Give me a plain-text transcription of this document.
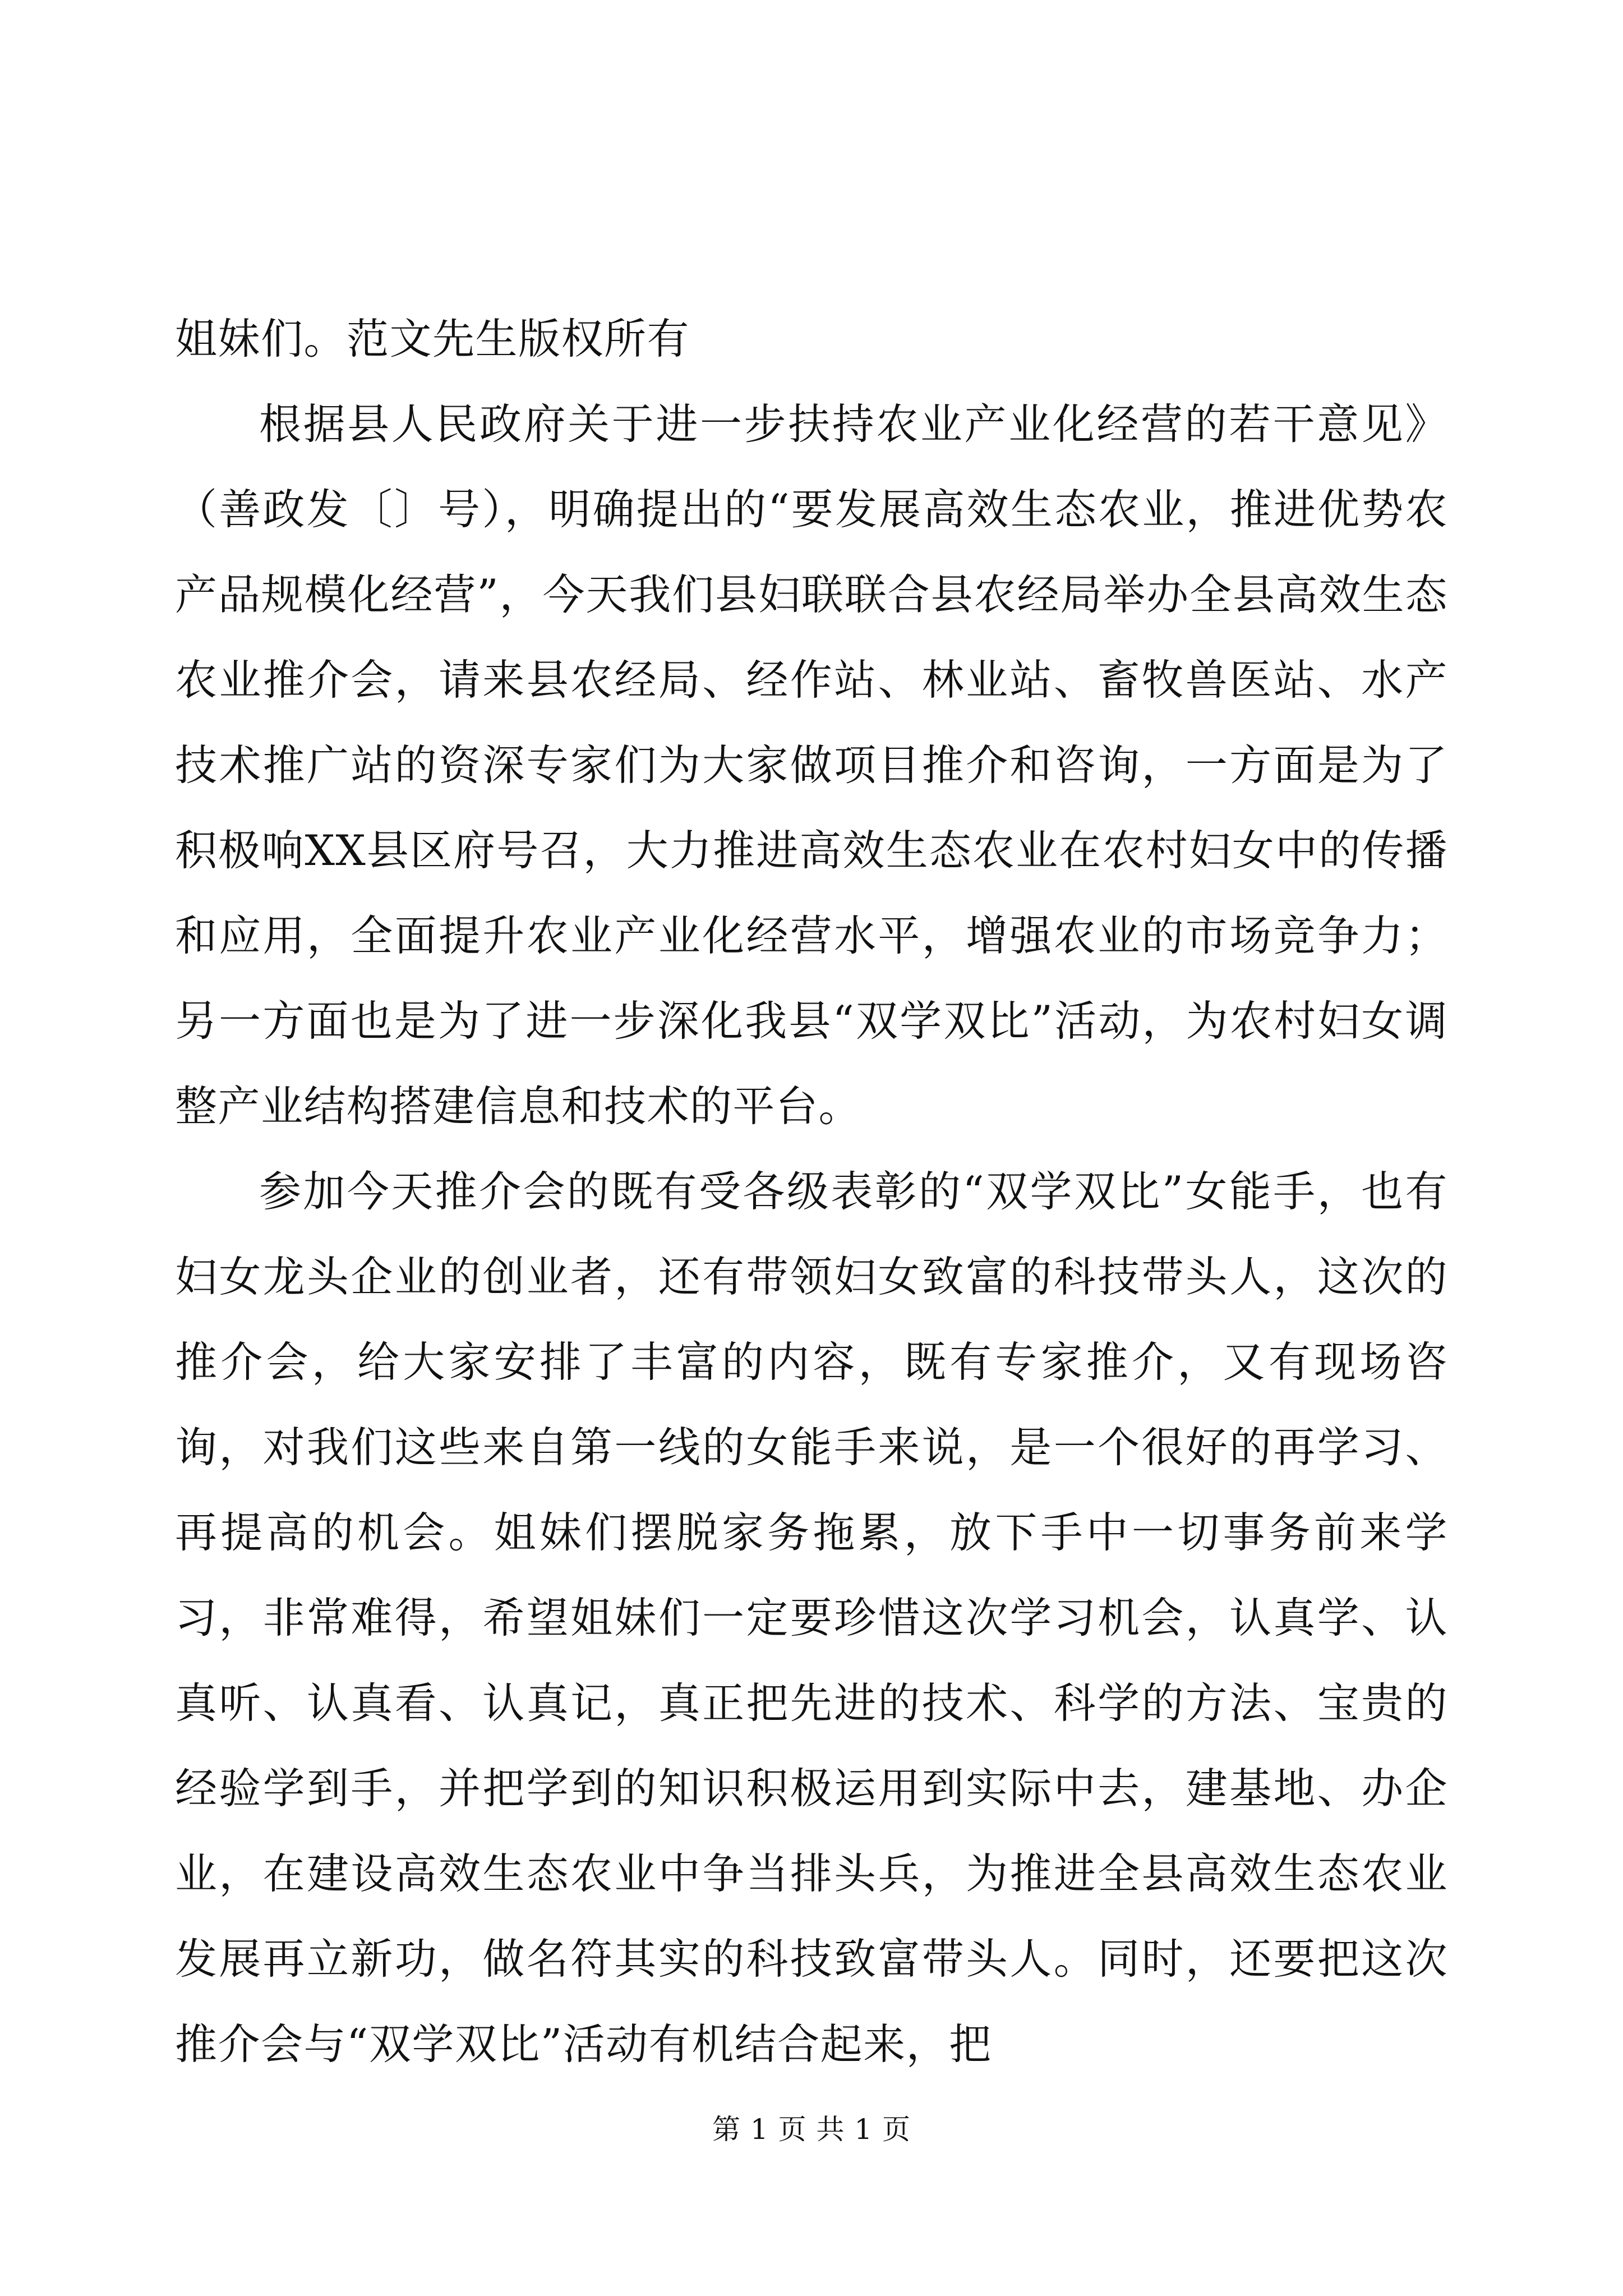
姐妹们。范文先生版权所有

根据县人民政府关于进一步扶持农业产业化经营的若干意见》（善政发〔〕号），明确提出的“要发展高效生态农业，推进优势农产品规模化经营”，今天我们县妇联联合县农经局举办全县高效生态农业推介会，请来县农经局、经作站、林业站、畜牧兽医站、水产技术推广站的资深专家们为大家做项目推介和咨询，一方面是为了积极响XX县区府号召，大力推进高效生态农业在农村妇女中的传播和应用，全面提升农业产业化经营水平，增强农业的市场竞争力；另一方面也是为了进一步深化我县“双学双比”活动，为农村妇女调整产业结构搭建信息和技术的平台。

参加今天推介会的既有受各级表彰的“双学双比”女能手，也有妇女龙头企业的创业者，还有带领妇女致富的科技带头人，这次的推介会，给大家安排了丰富的内容，既有专家推介，又有现场咨询，对我们这些来自第一线的女能手来说，是一个很好的再学习、再提高的机会。姐妹们摆脱家务拖累，放下手中一切事务前来学习，非常难得，希望姐妹们一定要珍惜这次学习机会，认真学、认真听、认真看、认真记，真正把先进的技术、科学的方法、宝贵的经验学到手，并把学到的知识积极运用到实际中去，建基地、办企业，在建设高效生态农业中争当排头兵，为推进全县高效生态农业发展再立新功，做名符其实的科技致富带头人。同时，还要把这次推介会与“双学双比”活动有机结合起来，把

第 1 页 共 1 页
